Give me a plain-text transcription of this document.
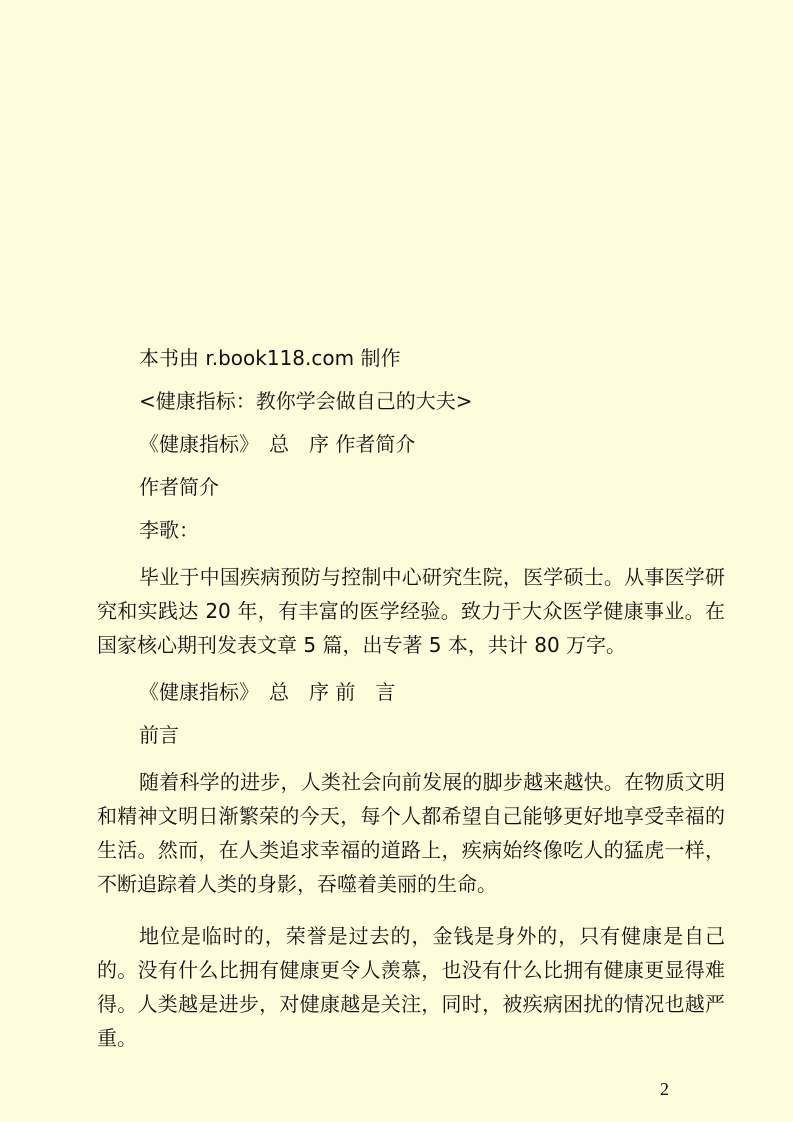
本书由 r.book118.com 制作

<健康指标：教你学会做自己的大夫>

《健康指标》　总　序 作者简介

作者简介

李歌：

毕业于中国疾病预防与控制中心研究生院，医学硕士。从事医学研究和实践达 20 年，有丰富的医学经验。致力于大众医学健康事业。在国家核心期刊发表文章 5 篇，出专著 5 本，共计 80 万字。

《健康指标》　总　序 前　言

前言

随着科学的进步，人类社会向前发展的脚步越来越快。在物质文明和精神文明日渐繁荣的今天，每个人都希望自己能够更好地享受幸福的生活。然而，在人类追求幸福的道路上，疾病始终像吃人的猛虎一样，不断追踪着人类的身影，吞噬着美丽的生命。

地位是临时的，荣誉是过去的，金钱是身外的，只有健康是自己的。没有什么比拥有健康更令人羡慕，也没有什么比拥有健康更显得难得。人类越是进步，对健康越是关注，同时，被疾病困扰的情况也越严重。

2
